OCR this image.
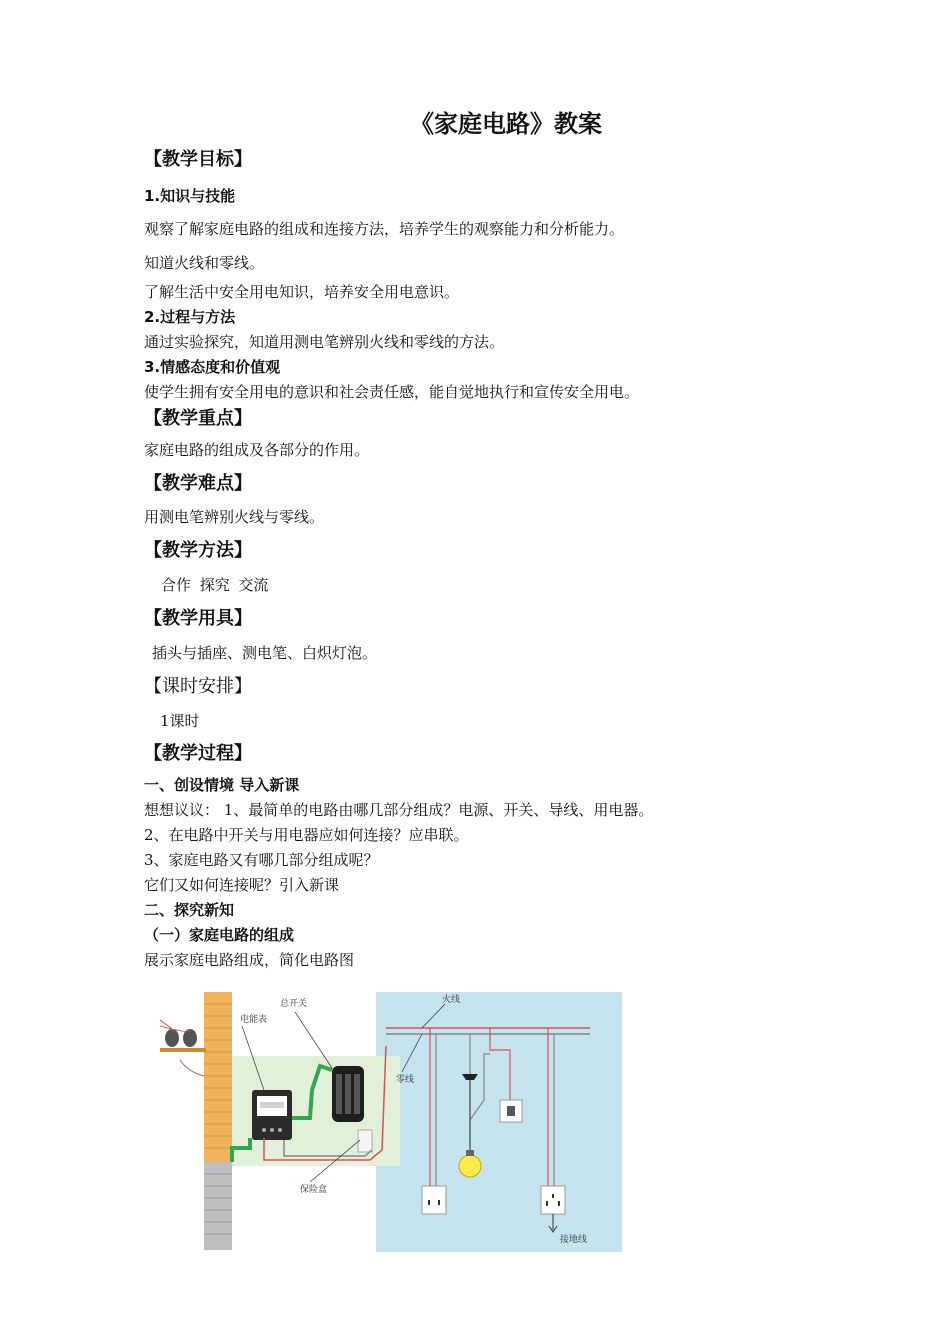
《家庭电路》教案
【教学目标】
1.知识与技能
观察了解家庭电路的组成和连接方法，培养学生的观察能力和分析能力。
知道火线和零线。
了解生活中安全用电知识，培养安全用电意识。
2.过程与方法
通过实验探究，知道用测电笔辨别火线和零线的方法。
3.情感态度和价值观
使学生拥有安全用电的意识和社会责任感，能自觉地执行和宣传安全用电。
【教学重点】
家庭电路的组成及各部分的作用。
【教学难点】
用测电笔辨别火线与零线。
【教学方法】
合作 探究 交流
【教学用具】
插头与插座、测电笔、白炽灯泡。
【课时安排】
1课时
【教学过程】
一、创设情境 导入新课
想想议议： 1、最简单的电路由哪几部分组成？电源、开关、导线、用电器。
2、在电路中开关与用电器应如何连接？应串联。
3、家庭电路又有哪几部分组成呢？
它们又如何连接呢？引入新课
二、探究新知
（一）家庭电路的组成
展示家庭电路组成，简化电路图
火线
总开关
电能表
零线
保险盒
接地线
